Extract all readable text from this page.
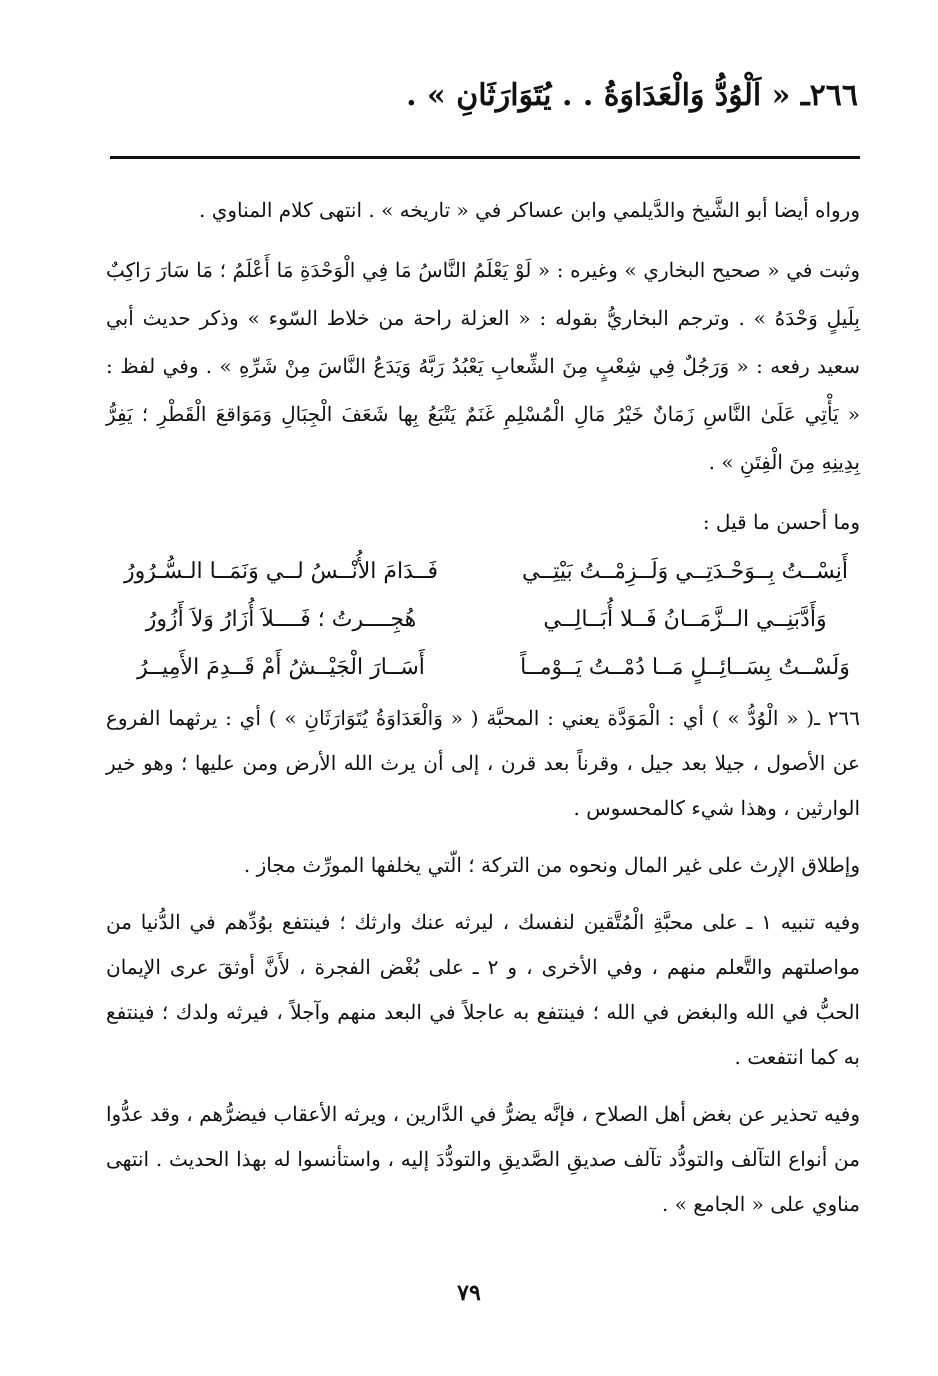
٢٦٦ـ « اَلْوُدُّ وَالْعَدَاوَةُ . . يُتَوَارَثَانِ » .

ورواه أيضا أبو الشَّيخ والدَّيلمي وابن عساكر في « تاريخه » . انتهى كلام المناوي .

وثبت في « صحيح البخاري » وغيره : « لَوْ يَعْلَمُ النَّاسُ مَا فِي الْوَحْدَةِ مَا أَعْلَمُ ؛ مَا سَارَ رَاكِبٌ بِلَيلٍ وَحْدَهُ » . وترجم البخاريُّ بقوله : « العزلة راحة من خلاط السّوء » وذكر حديث أبي سعيد رفعه : « وَرَجُلٌ فِي شِعْبٍ مِنَ الشِّعابِ يَعْبُدُ رَبَّهُ وَيَدَعُ النَّاسَ مِنْ شَرِّهِ » . وفي لفظ : « يَأْتِي عَلَىٰ النَّاسِ زَمَانٌ خَيْرُ مَالِ الْمُسْلِمِ غَنَمٌ يَتْبَعُ بِها شَعَفَ الْجِبَالِ وَمَوَاقعَ الْقَطْرِ ؛ يَفِرُّ بِدِينِهِ مِنَ الْفِتَنِ » .

وما أحسن ما قيل :

أَنِسْــتُ بِــوَحْـدَتِــي وَلَــزِمْــتُ بَيْتِــي
فَــدَامَ الأُنْــسُ لــي وَنَمَــا الـسُّـرُورُ
وَأَدَّبَنِــي الــزَّمَــانُ فَــلا أُبَــالِــي
هُجِــــرتُ ؛ فَــــلاَ أُزَارُ وَلاَ أَزُورُ
وَلَسْــتُ بِسَــائِــلٍ مَــا دُمْــتُ يَــوْمــاً
أَسَــارَ الْجَيْــشُ أَمْ قَــدِمَ الأَمِيــرُ

٢٦٦ ـ( « الْوُدُّ » ) أي : الْمَوَدَّة يعني : المحبَّة ( « وَالْعَدَاوَةُ يُتَوَارَثَانِ » ) أي : يرثهما الفروع عن الأصول ، جيلا بعد جيل ، وقرناً بعد قرن ، إلى أن يرث الله الأرض ومن عليها ؛ وهو خير الوارثين ، وهذا شيء كالمحسوس .

وإطلاق الإرث على غير المال ونحوه من التركة ؛ الّتي يخلفها المورِّث مجاز .

وفيه تنبيه ١ ـ على محبَّةِ الْمُتَّقين لنفسك ، ليرثه عنك وارثك ؛ فينتفع بوُدِّهم في الدُّنيا من مواصلتهم والتَّعلم منهم ، وفي الأخرى ، و ٢ ـ على بُغْض الفجرة ، لأَنَّ أوثقَ عرى الإيمان الحبُّ في الله والبغض في الله ؛ فينتفع به عاجلاً في البعد منهم وآجلاً ، فيرثه ولدك ؛ فينتفع به كما انتفعت .

وفيه تحذير عن بغض أهل الصلاح ، فإنَّه يضرُّ في الدَّارين ، ويرثه الأعقاب فيضرُّهم ، وقد عدُّوا من أنواع التآلف والتودُّد تآلف صديقِ الصَّديقِ والتودُّدَ إليه ، واستأنسوا له بهذا الحديث . انتهى مناوي على « الجامع » .

٧٩
